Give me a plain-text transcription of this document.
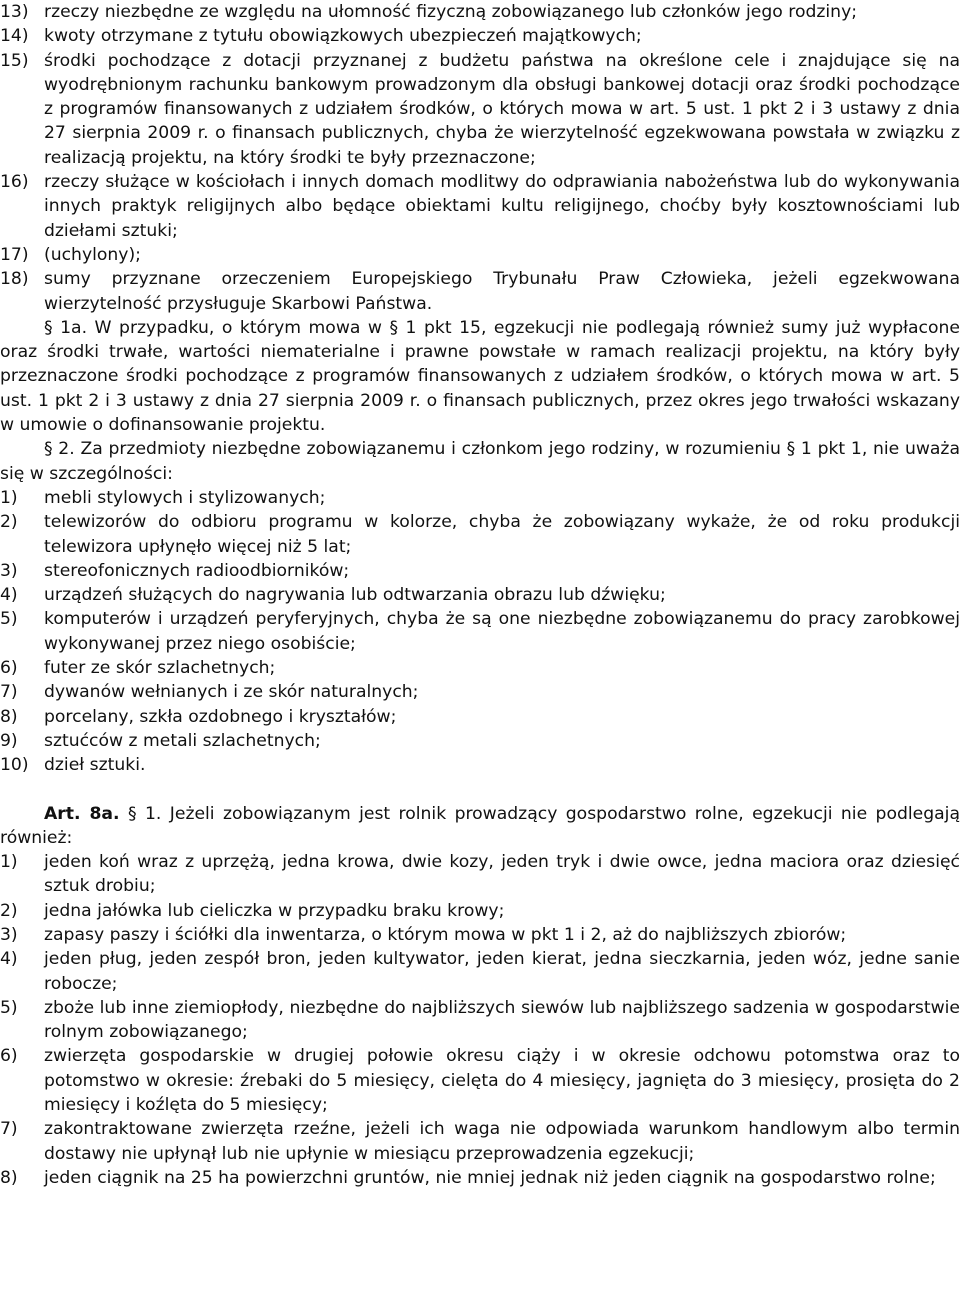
13) rzeczy niezbędne ze względu na ułomność fizyczną zobowiązanego lub członków jego rodziny;
14) kwoty otrzymane z tytułu obowiązkowych ubezpieczeń majątkowych;
15) środki pochodzące z dotacji przyznanej z budżetu państwa na określone cele i znajdujące się na wyodrębnionym rachunku bankowym prowadzonym dla obsługi bankowej dotacji oraz środki pochodzące z programów finansowanych z udziałem środków, o których mowa w art. 5 ust. 1 pkt 2 i 3 ustawy z dnia 27 sierpnia 2009 r. o finansach publicznych, chyba że wierzytelność egzekwowana powstała w związku z realizacją projektu, na który środki te były przeznaczone;
16) rzeczy służące w kościołach i innych domach modlitwy do odprawiania nabożeństwa lub do wykonywania innych praktyk religijnych albo będące obiektami kultu religijnego, choćby były kosztownościami lub dziełami sztuki;
17) (uchylony);
18) sumy przyznane orzeczeniem Europejskiego Trybunału Praw Człowieka, jeżeli egzekwowana wierzytelność przysługuje Skarbowi Państwa.
§ 1a. W przypadku, o którym mowa w § 1 pkt 15, egzekucji nie podlegają również sumy już wypłacone oraz środki trwałe, wartości niematerialne i prawne powstałe w ramach realizacji projektu, na który były przeznaczone środki pochodzące z programów finansowanych z udziałem środków, o których mowa w art. 5 ust. 1 pkt 2 i 3 ustawy z dnia 27 sierpnia 2009 r. o finansach publicznych, przez okres jego trwałości wskazany w umowie o dofinansowanie projektu.
§ 2. Za przedmioty niezbędne zobowiązanemu i członkom jego rodziny, w rozumieniu § 1 pkt 1, nie uważa się w szczególności:
1) mebli stylowych i stylizowanych;
2) telewizorów do odbioru programu w kolorze, chyba że zobowiązany wykaże, że od roku produkcji telewizora upłynęło więcej niż 5 lat;
3) stereofonicznych radioodbiorników;
4) urządzeń służących do nagrywania lub odtwarzania obrazu lub dźwięku;
5) komputerów i urządzeń peryferyjnych, chyba że są one niezbędne zobowiązanemu do pracy zarobkowej wykonywanej przez niego osobiście;
6) futer ze skór szlachetnych;
7) dywanów wełnianych i ze skór naturalnych;
8) porcelany, szkła ozdobnego i kryształów;
9) sztućców z metali szlachetnych;
10) dzieł sztuki.
Art. 8a. § 1. Jeżeli zobowiązanym jest rolnik prowadzący gospodarstwo rolne, egzekucji nie podlegają również:
1) jeden koń wraz z uprzężą, jedna krowa, dwie kozy, jeden tryk i dwie owce, jedna maciora oraz dziesięć sztuk drobiu;
2) jedna jałówka lub cieliczka w przypadku braku krowy;
3) zapasy paszy i ściółki dla inwentarza, o którym mowa w pkt 1 i 2, aż do najbliższych zbiorów;
4) jeden pług, jeden zespół bron, jeden kultywator, jeden kierat, jedna sieczkarnia, jeden wóz, jedne sanie robocze;
5) zboże lub inne ziemiopłody, niezbędne do najbliższych siewów lub najbliższego sadzenia w gospodarstwie rolnym zobowiązanego;
6) zwierzęta gospodarskie w drugiej połowie okresu ciąży i w okresie odchowu potomstwa oraz to potomstwo w okresie: źrebaki do 5 miesięcy, cielęta do 4 miesięcy, jagnięta do 3 miesięcy, prosięta do 2 miesięcy i koźlęta do 5 miesięcy;
7) zakontraktowane zwierzęta rzeźne, jeżeli ich waga nie odpowiada warunkom handlowym albo termin dostawy nie upłynął lub nie upłynie w miesiącu przeprowadzenia egzekucji;
8) jeden ciągnik na 25 ha powierzchni gruntów, nie mniej jednak niż jeden ciągnik na gospodarstwo rolne;
